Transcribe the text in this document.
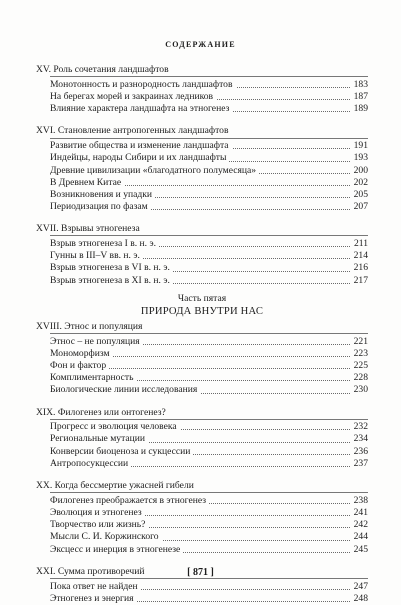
СОДЕРЖАНИЕ
XV. Роль сочетания ландшафтов
Монотонность и разнородность ландшафтов	183
На берегах морей и закраинах ледников	187
Влияние характера ландшафта на этногенез	189
XVI. Становление антропогенных ландшафтов
Развитие общества и изменение ландшафта	191
Индейцы, народы Сибири и их ландшафты	193
Древние цивилизации «благодатного полумесяца»	200
В Древнем Китае	202
Возникновения и упадки	205
Периодизация по фазам	207
XVII. Взрывы этногенеза
Взрыв этногенеза I в. н. э.	211
Гунны в III–V вв. н. э.	214
Взрыв этногенеза в VI в. н. э.	216
Взрыв этногенеза в XI в. н. э.	217
Часть пятая
ПРИРОДА ВНУТРИ НАС
XVIII. Этнос и популяция
Этнос – не популяция	221
Мономорфизм	223
Фон и фактор	225
Комплиментарность	228
Биологические линии исследования	230
XIX. Филогенез или онтогенез?
Прогресс и эволюция человека	232
Региональные мутации	234
Конверсии биоценоза и сукцессии	236
Антропосукцессии	237
XX. Когда бессмертие ужасней гибели
Филогенез преображается в этногенез	238
Эволюция и этногенез	241
Творчество или жизнь?	242
Мысли С. И. Коржинского	244
Эксцесс и инерция в этногенезе	245
XXI. Сумма противоречий
Пока ответ не найден	247
Этногенез и энергия	248
[ 871 ]
